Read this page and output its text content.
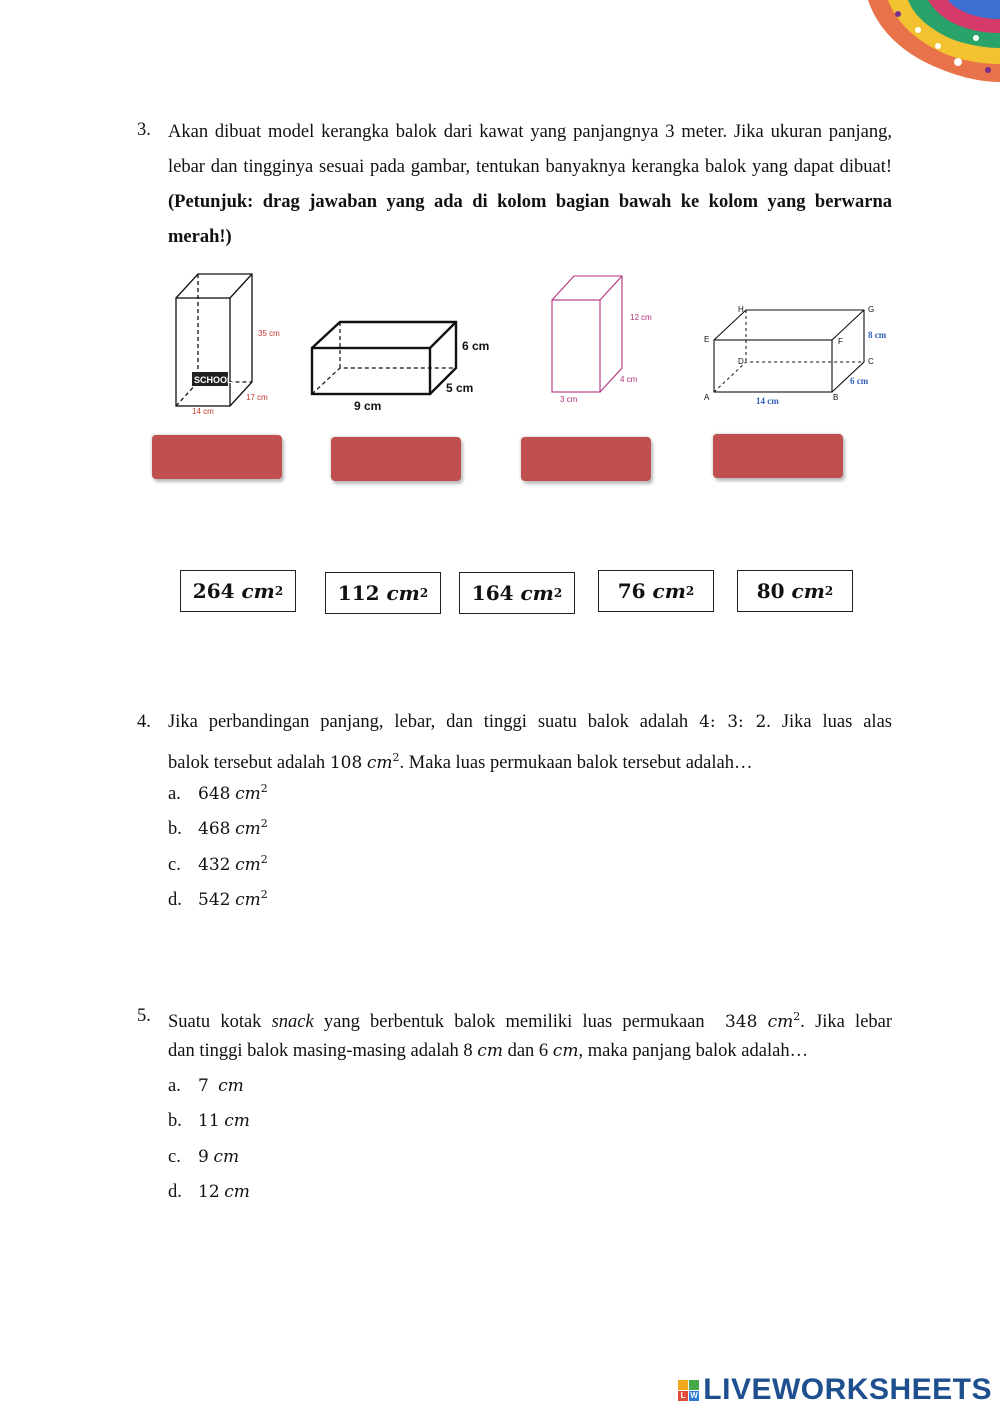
3. Akan dibuat model kerangka balok dari kawat yang panjangnya 3 meter. Jika ukuran panjang, lebar dan tingginya sesuai pada gambar, tentukan banyaknya kerangka balok yang dapat dibuat! (Petunjuk: drag jawaban yang ada di kolom bagian bawah ke kolom yang berwarna merah!)
SCHOOL
35 cm
17 cm
14 cm
6 cm
5 cm
9 cm
12 cm
4 cm
3 cm
H	G
E	F
D	C
A	B
8 cm
6 cm
14 cm
264
cm 2	112
cm 2 164
cm 2	76
cm 2	80
cm 2
4. Jika perbandingan panjang, lebar, dan tinggi suatu balok adalah 4: 3: 2. Jika luas alas
balok tersebut adalah 108 $cm^2$. Maka luas permukaan balok tersebut adalah…
a. 648 $cm^2$
b. 468 $cm^2$
c. 432 $cm^2$
d. 542 $cm^2$
5. Suatu kotak snack yang berbentuk balok memiliki luas permukaan 348 $cm^2$. Jika lebar
dan tinggi balok masing-masing adalah 8 cm dan 6 cm, maka panjang balok adalah…
a. 7 cm
b. 11 cm
c. 9 cm
d. 12 cm
L W LIVEWORKSHEETS
